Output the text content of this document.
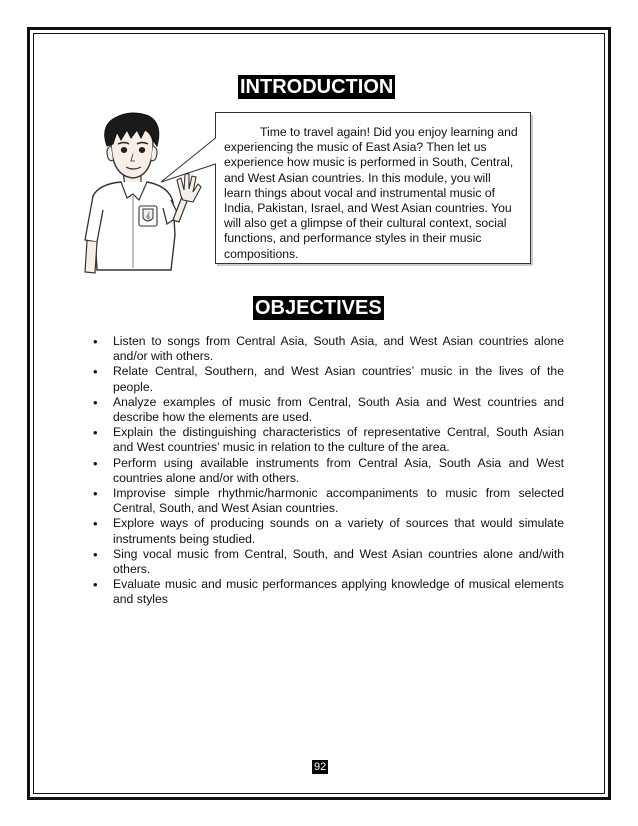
INTRODUCTION
𝄞

Time to travel again! Did you enjoy learning and experiencing the music of East Asia? Then let us experience how music is performed in South, Central, and West Asian countries. In this module, you will learn things about vocal and instrumental music of India, Pakistan, Israel, and West Asian countries. You will also get a glimpse of their cultural context, social functions, and performance styles in their music compositions.

OBJECTIVES
• Listen to songs from Central Asia, South Asia, and West Asian countries alone and/or with others.
• Relate Central, Southern, and West Asian countries’ music in the lives of the people.
• Analyze examples of music from Central, South Asia and West countries and describe how the elements are used.
• Explain the distinguishing characteristics of representative Central, South Asian and West countries’ music in relation to the culture of the area.
• Perform using available instruments from Central Asia, South Asia and West countries alone and/or with others.
• Improvise simple rhythmic/harmonic accompaniments to music from selected Central, South, and West Asian countries.
• Explore ways of producing sounds on a variety of sources that would simulate instruments being studied.
• Sing vocal music from Central, South, and West Asian countries alone and/with others.
• Evaluate music and music performances applying knowledge of musical elements and styles
92
